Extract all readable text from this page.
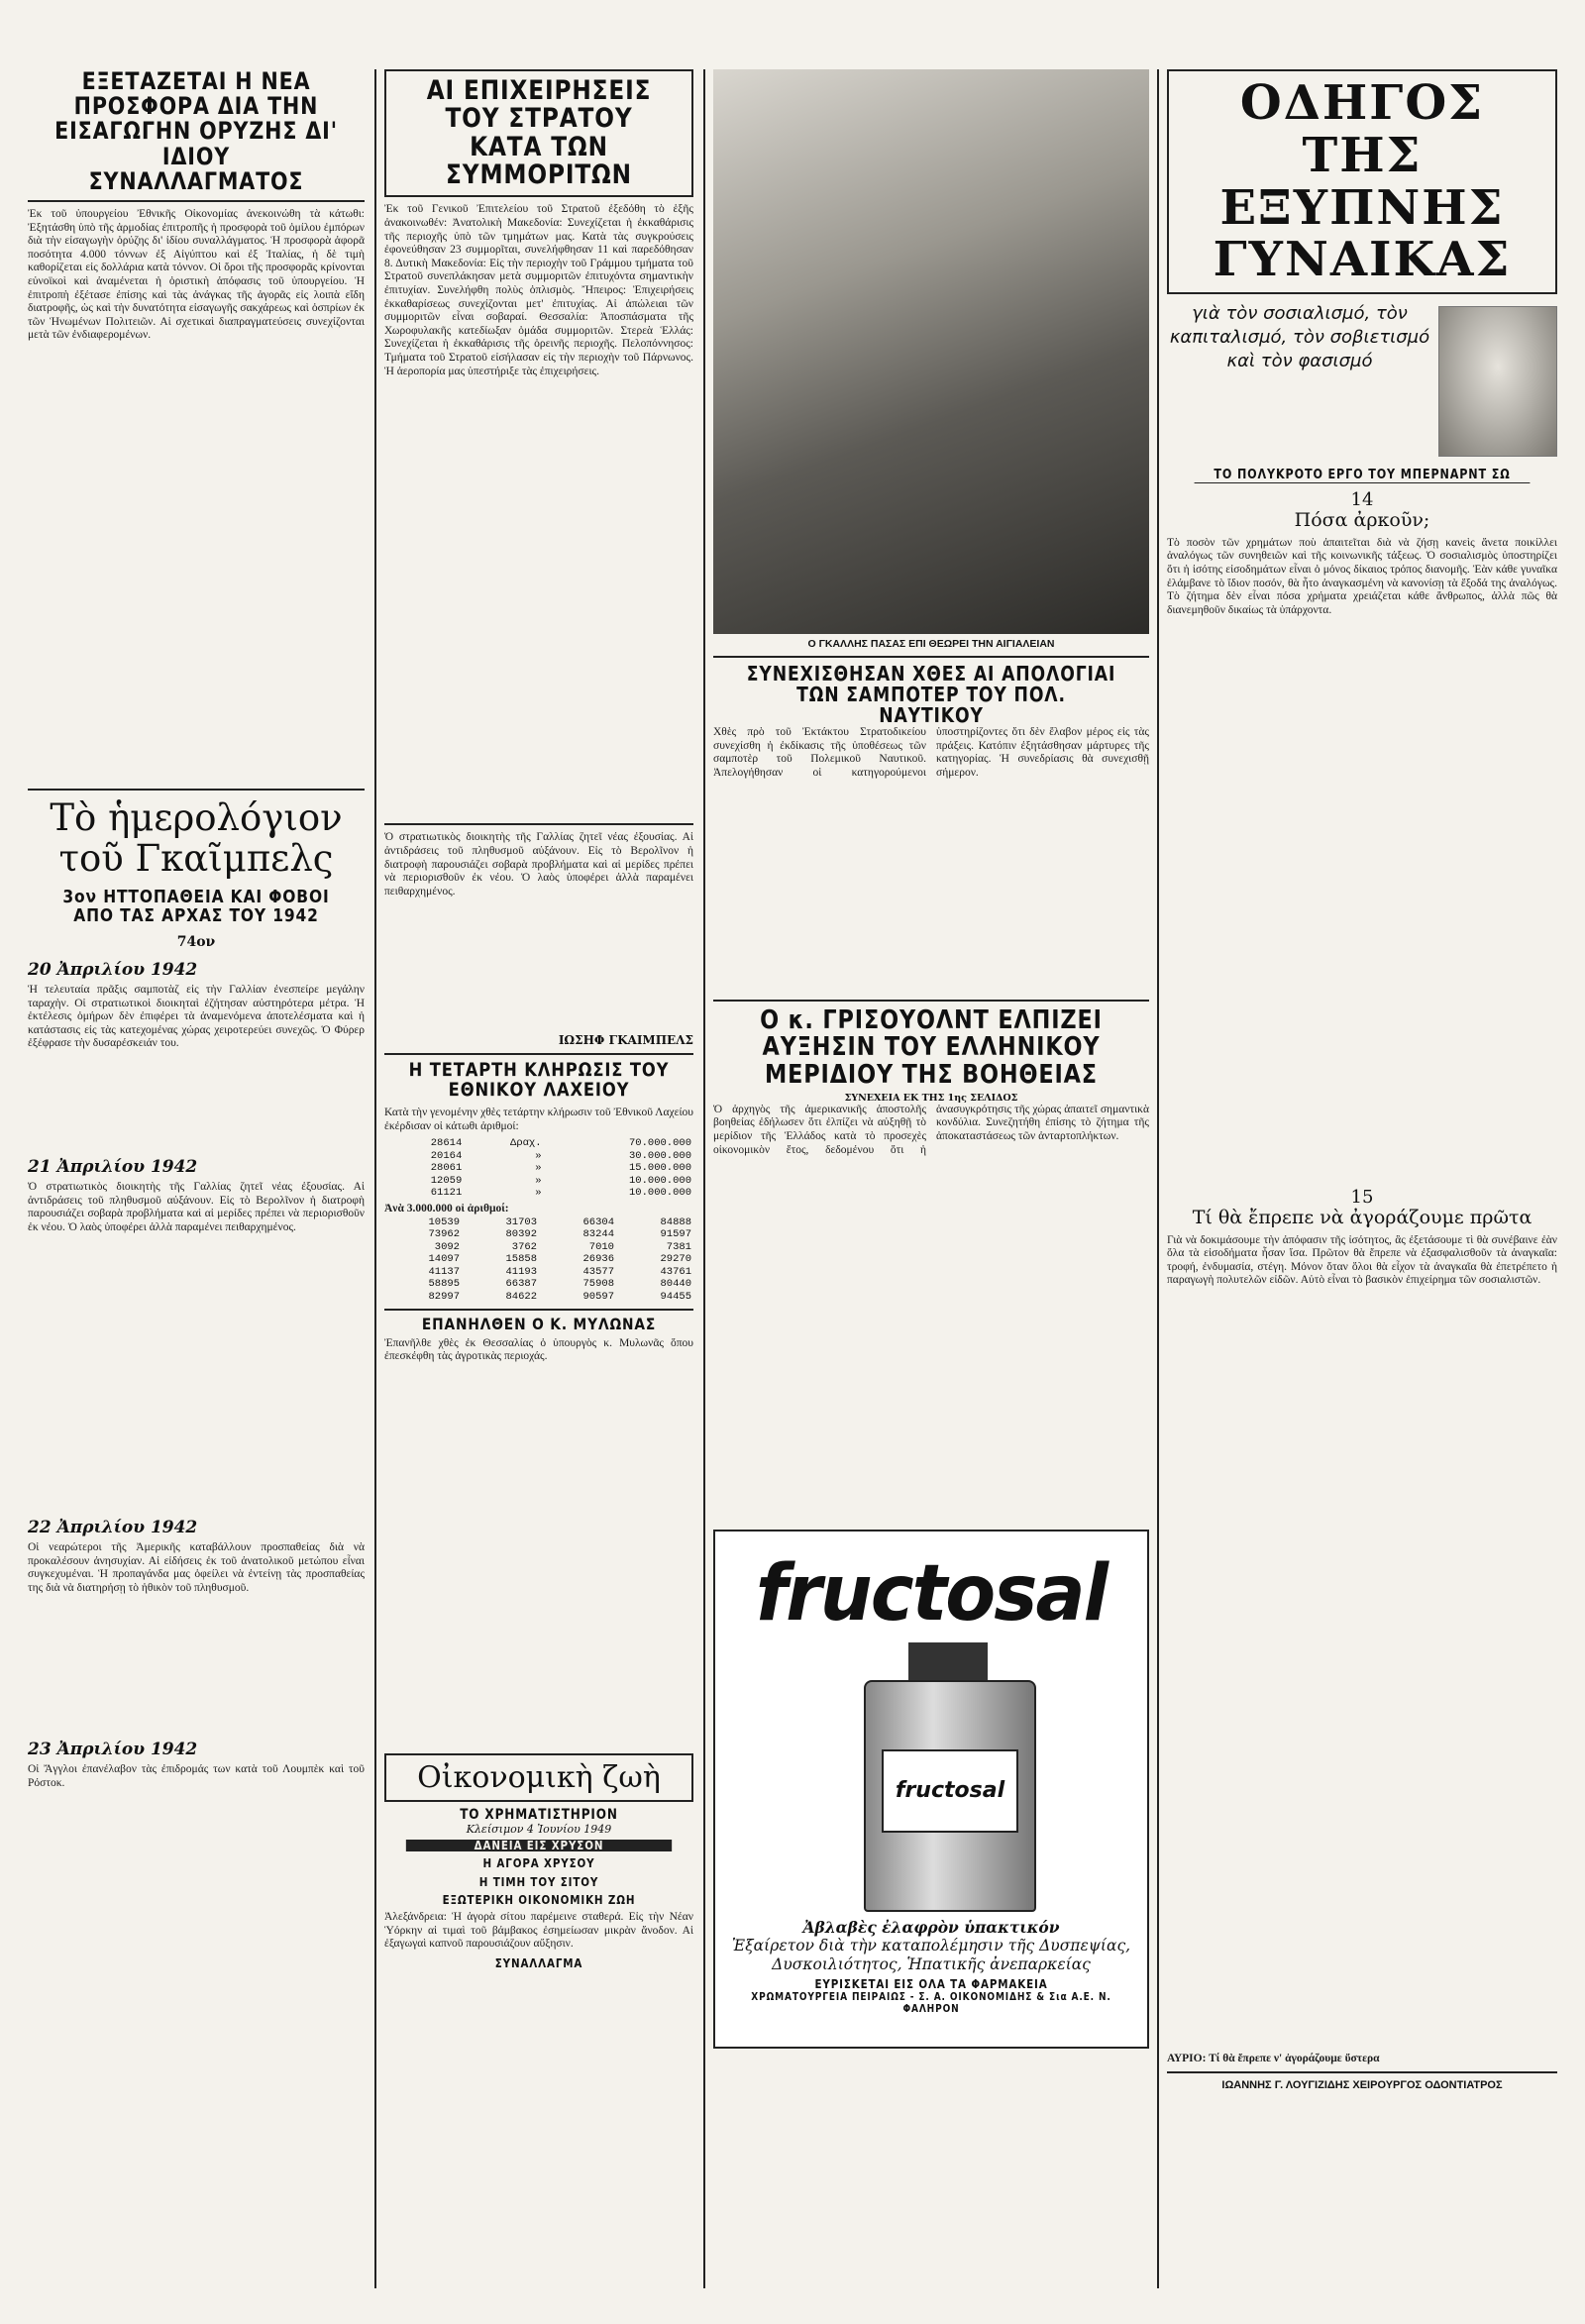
ΕΞΕΤΑΖΕΤΑΙ Η ΝΕΑ ΠΡΟΣΦΟΡΑ ΔΙΑ ΤΗΝ ΕΙΣΑΓΩΓΗΝ ΟΡΥΖΗΣ ΔΙ' ΙΔΙΟΥ ΣΥΝΑΛΛΑΓΜΑΤΟΣ
Ἐκ τοῦ ὑπουργείου Ἐθνικῆς Οἰκονομίας ἀνεκοινώθη τὰ κάτωθι: Ἐξητάσθη ὑπὸ τῆς ἁρμοδίας ἐπιτροπῆς ἡ προσφορὰ τοῦ ὁμίλου ἐμπόρων διὰ τὴν εἰσαγωγὴν ὀρύζης δι' ἰδίου συναλλάγματος. Ἡ προσφορὰ ἀφορᾶ ποσότητα 4.000 τόννων ἐξ Αἰγύπτου καὶ ἐξ Ἰταλίας, ἡ δὲ τιμὴ καθορίζεται εἰς δολλάρια κατὰ τόννον. Οἱ ὅροι τῆς προσφορᾶς κρίνονται εὐνοϊκοὶ καὶ ἀναμένεται ἡ ὁριστικὴ ἀπόφασις τοῦ ὑπουργείου. Ἡ ἐπιτροπὴ ἐξέτασε ἐπίσης καὶ τὰς ἀνάγκας τῆς ἀγορᾶς εἰς λοιπὰ εἴδη διατροφῆς, ὡς καὶ τὴν δυνατότητα εἰσαγωγῆς σακχάρεως καὶ ὀσπρίων ἐκ τῶν Ἡνωμένων Πολιτειῶν. Αἱ σχετικαὶ διαπραγματεύσεις συνεχίζονται μετὰ τῶν ἐνδιαφερομένων.
Τὸ ἡμερολόγιον τοῦ Γκαῖμπελς
3ον ΗΤΤΟΠΑΘΕΙΑ ΚΑΙ ΦΟΒΟΙ ΑΠΟ ΤΑΣ ΑΡΧΑΣ ΤΟΥ 1942
74ον
20 Ἀπριλίου 1942
Ἡ τελευταία πρᾶξις σαμποτὰζ εἰς τὴν Γαλλίαν ἐνεσπείρε μεγάλην ταραχὴν. Οἱ στρατιωτικοὶ διοικηταὶ ἐζήτησαν αὐστηρότερα μέτρα. Ἡ ἐκτέλεσις ὁμήρων δὲν ἐπιφέρει τὰ ἀναμενόμενα ἀποτελέσματα καὶ ἡ κατάστασις εἰς τὰς κατεχομένας χώρας χειροτερεύει συνεχῶς. Ὁ Φύρερ ἐξέφρασε τὴν δυσαρέσκειάν του.
21 Ἀπριλίου 1942
Ὁ στρατιωτικὸς διοικητὴς τῆς Γαλλίας ζητεῖ νέας ἐξουσίας. Αἱ ἀντιδράσεις τοῦ πληθυσμοῦ αὐξάνουν. Εἰς τὸ Βερολῖνον ἡ διατροφὴ παρουσιάζει σοβαρὰ προβλήματα καὶ αἱ μερίδες πρέπει νὰ περιορισθοῦν ἐκ νέου. Ὁ λαὸς ὑποφέρει ἀλλὰ παραμένει πειθαρχημένος.
22 Ἀπριλίου 1942
Οἱ νεαρώτεροι τῆς Ἀμερικῆς καταβάλλουν προσπαθείας διὰ νὰ προκαλέσουν ἀνησυχίαν. Αἱ εἰδήσεις ἐκ τοῦ ἀνατολικοῦ μετώπου εἶναι συγκεχυμέναι. Ἡ προπαγάνδα μας ὀφείλει νὰ ἐντείνῃ τὰς προσπαθείας της διὰ νὰ διατηρήσῃ τὸ ἠθικὸν τοῦ πληθυσμοῦ.
23 Ἀπριλίου 1942
Οἱ Ἄγγλοι ἐπανέλαβον τὰς ἐπιδρομάς των κατὰ τοῦ Λουμπὲκ καὶ τοῦ Ρόστοκ.
ΑΙ ΕΠΙΧΕΙΡΗΣΕΙΣ ΤΟΥ ΣΤΡΑΤΟΥ ΚΑΤΑ ΤΩΝ ΣΥΜΜΟΡΙΤΩΝ
Ἐκ τοῦ Γενικοῦ Ἐπιτελείου τοῦ Στρατοῦ ἐξεδόθη τὸ ἑξῆς ἀνακοινωθέν: Ἀνατολικὴ Μακεδονία: Συνεχίζεται ἡ ἐκκαθάρισις τῆς περιοχῆς ὑπὸ τῶν τμημάτων μας. Κατὰ τὰς συγκρούσεις ἐφονεύθησαν 23 συμμορῖται, συνελήφθησαν 11 καὶ παρεδόθησαν 8. Δυτικὴ Μακεδονία: Εἰς τὴν περιοχὴν τοῦ Γράμμου τμήματα τοῦ Στρατοῦ συνεπλάκησαν μετὰ συμμοριτῶν ἐπιτυχόντα σημαντικὴν ἐπιτυχίαν. Συνελήφθη πολὺς ὁπλισμὸς. Ἤπειρος: Ἐπιχειρήσεις ἐκκαθαρίσεως συνεχίζονται μετ' ἐπιτυχίας. Αἱ ἀπώλειαι τῶν συμμοριτῶν εἶναι σοβαραί. Θεσσαλία: Ἀποσπάσματα τῆς Χωροφυλακῆς κατεδίωξαν ὁμάδα συμμοριτῶν. Στερεὰ Ἑλλάς: Συνεχίζεται ἡ ἐκκαθάρισις τῆς ὀρεινῆς περιοχῆς. Πελοπόννησος: Τμήματα τοῦ Στρατοῦ εἰσήλασαν εἰς τὴν περιοχὴν τοῦ Πάρνωνος. Ἡ ἀεροπορία μας ὑπεστήριξε τὰς ἐπιχειρήσεις.
Ὁ στρατιωτικὸς διοικητὴς τῆς Γαλλίας ζητεῖ νέας ἐξουσίας. Αἱ ἀντιδράσεις τοῦ πληθυσμοῦ αὐξάνουν. Εἰς τὸ Βερολῖνον ἡ διατροφὴ παρουσιάζει σοβαρὰ προβλήματα καὶ αἱ μερίδες πρέπει νὰ περιορισθοῦν ἐκ νέου. Ὁ λαὸς ὑποφέρει ἀλλὰ παραμένει πειθαρχημένος.
ΙΩΣΗΦ ΓΚΑΙΜΠΕΛΣ
Η ΤΕΤΑΡΤΗ ΚΛΗΡΩΣΙΣ ΤΟΥ ΕΘΝΙΚΟΥ ΛΑΧΕΙΟΥ
Κατὰ τὴν γενομένην χθὲς τετάρτην κλήρωσιν τοῦ Ἐθνικοῦ Λαχείου ἐκέρδισαν οἱ κάτωθι ἀριθμοί:
28614	Δραχ.	70.000.000
20164	»	30.000.000
28061	»	15.000.000
12059	»	10.000.000
61121	»	10.000.000
Ἀνὰ 3.000.000 οἱ ἀριθμοί:
10539	31703	66304	84888
73962	80392	83244	91597
3092	3762	7010	7381
14097	15858	26936	29270
41137	41193	43577	43761
58895	66387	75908	80440
82997	84622	90597	94455
ΕΠΑΝΗΛΘΕΝ Ο Κ. ΜΥΛΩΝΑΣ
Ἐπανῆλθε χθὲς ἐκ Θεσσαλίας ὁ ὑπουργὸς κ. Μυλωνᾶς ὅπου ἐπεσκέφθη τὰς ἀγροτικὰς περιοχάς.
Οἰκονομικὴ ζωὴ
ΤΟ ΧΡΗΜΑΤΙΣΤΗΡΙΟΝ
Κλείσιμον 4 Ἰουνίου 1949
ΔΑΝΕΙΑ ΕΙΣ ΧΡΥΣΟΝ
Η ΑΓΟΡΑ ΧΡΥΣΟΥ
Η ΤΙΜΗ ΤΟΥ ΣΙΤΟΥ
ΕΞΩΤΕΡΙΚΗ ΟΙΚΟΝΟΜΙΚΗ ΖΩΗ
Ἀλεξάνδρεια: Ἡ ἀγορὰ σίτου παρέμεινε σταθερά. Εἰς τὴν Νέαν Ὑόρκην αἱ τιμαὶ τοῦ βάμβακος ἐσημείωσαν μικρὰν ἄνοδον. Αἱ ἐξαγωγαὶ καπνοῦ παρουσιάζουν αὔξησιν.
ΣΥΝΑΛΛΑΓΜΑ
Ο ΓΚΑΛΛΗΣ ΠΑΣΑΣ ΕΠΙ ΘΕΩΡΕΙ ΤΗΝ ΑΙΓΙΑΛΕΙΑΝ
ΣΥΝΕΧΙΣΘΗΣΑΝ ΧΘΕΣ ΑΙ ΑΠΟΛΟΓΙΑΙ ΤΩΝ ΣΑΜΠΟΤΕΡ ΤΟΥ ΠΟΛ. ΝΑΥΤΙΚΟΥ
Χθὲς πρὸ τοῦ Ἐκτάκτου Στρατοδικείου συνεχίσθη ἡ ἐκδίκασις τῆς ὑποθέσεως τῶν σαμποτὲρ τοῦ Πολεμικοῦ Ναυτικοῦ. Ἀπελογήθησαν οἱ κατηγορούμενοι ὑποστηρίζοντες ὅτι δὲν ἔλαβον μέρος εἰς τὰς πράξεις. Κατόπιν ἐξητάσθησαν μάρτυρες τῆς κατηγορίας. Ἡ συνεδρίασις θὰ συνεχισθῇ σήμερον.
Ο κ. ΓΡΙΣΟΥΟΛΝΤ ΕΛΠΙΖΕΙ ΑΥΞΗΣΙΝ ΤΟΥ ΕΛΛΗΝΙΚΟΥ ΜΕΡΙΔΙΟΥ ΤΗΣ ΒΟΗΘΕΙΑΣ
ΣΥΝΕΧΕΙΑ ΕΚ ΤΗΣ 1ης ΣΕΛΙΔΟΣ
Ὁ ἀρχηγὸς τῆς ἀμερικανικῆς ἀποστολῆς βοηθείας ἐδήλωσεν ὅτι ἐλπίζει νὰ αὐξηθῇ τὸ μερίδιον τῆς Ἑλλάδος κατὰ τὸ προσεχὲς οἰκονομικὸν ἔτος, δεδομένου ὅτι ἡ ἀνασυγκρότησις τῆς χώρας ἀπαιτεῖ σημαντικὰ κονδύλια. Συνεζητήθη ἐπίσης τὸ ζήτημα τῆς ἀποκαταστάσεως τῶν ἀνταρτοπλήκτων.
fructosal
fructosal
Ἀβλαβὲς ἐλαφρὸν ὑπακτικόν
Ἐξαίρετον διὰ τὴν καταπολέμησιν τῆς Δυσπεψίας, Δυσκοιλιότητος, Ἡπατικῆς ἀνεπαρκείας
ΕΥΡΙΣΚΕΤΑΙ ΕΙΣ ΟΛΑ ΤΑ ΦΑΡΜΑΚΕΙΑ
ΧΡΩΜΑΤΟΥΡΓΕΙΑ ΠΕΙΡΑΙΩΣ - Σ. Α. ΟΙΚΟΝΟΜΙΔΗΣ & Σια Α.Ε. Ν. ΦΑΛΗΡΟΝ
ΟΔΗΓΟΣ ΤΗΣ ΕΞΥΠΝΗΣ ΓΥΝΑΙΚΑΣ
γιὰ τὸν σοσιαλισμό, τὸν καπιταλισμό, τὸν σοβιετισμό καὶ τὸν φασισμό
ΤΟ ΠΟΛΥΚΡΟΤΟ ΕΡΓΟ ΤΟΥ ΜΠΕΡΝΑΡΝΤ ΣΩ
14
Πόσα ἀρκοῦν;
Τὸ ποσὸν τῶν χρημάτων ποὺ ἀπαιτεῖται διὰ νὰ ζήσῃ κανεὶς ἄνετα ποικίλλει ἀναλόγως τῶν συνηθειῶν καὶ τῆς κοινωνικῆς τάξεως. Ὁ σοσιαλισμὸς ὑποστηρίζει ὅτι ἡ ἰσότης εἰσοδημάτων εἶναι ὁ μόνος δίκαιος τρόπος διανομῆς. Ἐὰν κάθε γυναῖκα ἐλάμβανε τὸ ἴδιον ποσόν, θὰ ἦτο ἀναγκασμένη νὰ κανονίσῃ τὰ ἔξοδά της ἀναλόγως. Τὸ ζήτημα δὲν εἶναι πόσα χρήματα χρειάζεται κάθε ἄνθρωπος, ἀλλὰ πῶς θὰ διανεμηθοῦν δικαίως τὰ ὑπάρχοντα.
15
Τί θὰ ἔπρεπε νὰ ἀγοράζουμε πρῶτα
Γιὰ νὰ δοκιμάσουμε τὴν ἀπόφασιν τῆς ἰσότητος, ἂς ἐξετάσουμε τὶ θὰ συνέβαινε ἐὰν ὅλα τὰ εἰσοδήματα ἦσαν ἴσα. Πρῶτον θὰ ἔπρεπε νὰ ἐξασφαλισθοῦν τὰ ἀναγκαῖα: τροφή, ἐνδυμασία, στέγη. Μόνον ὅταν ὅλοι θὰ εἶχον τὰ ἀναγκαῖα θὰ ἐπετρέπετο ἡ παραγωγὴ πολυτελῶν εἰδῶν. Αὐτὸ εἶναι τὸ βασικὸν ἐπιχείρημα τῶν σοσιαλιστῶν.
ΑΥΡΙΟ: Τί θὰ ἔπρεπε ν' ἀγοράζουμε ὕστερα
ΙΩΑΝΝΗΣ Γ. ΛΟΥΓΙΖΙΔΗΣ ΧΕΙΡΟΥΡΓΟΣ ΟΔΟΝΤΙΑΤΡΟΣ
